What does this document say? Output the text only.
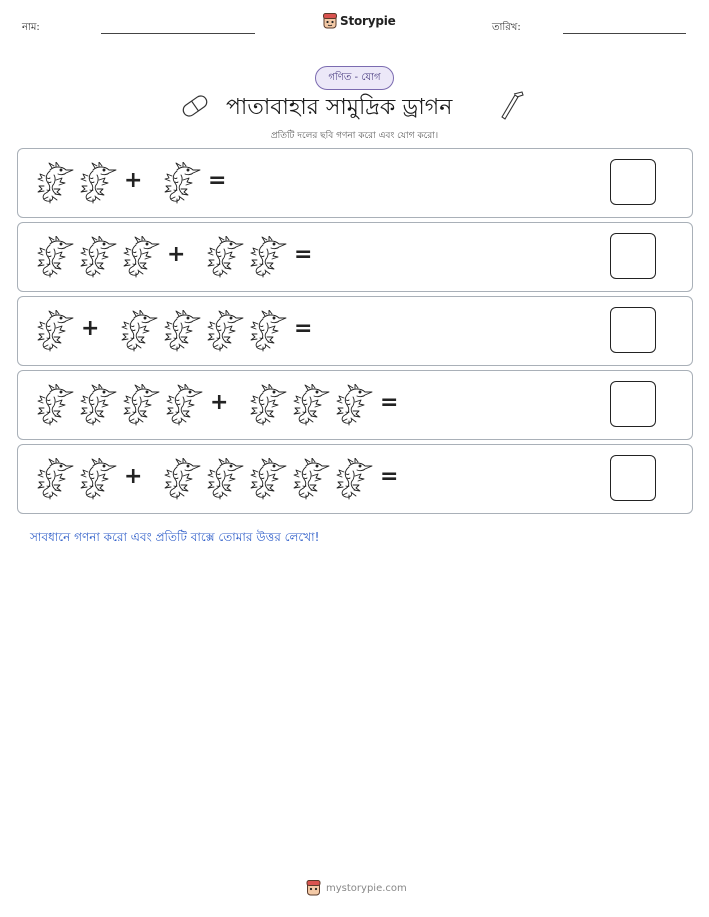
নাম:	Storypie	তারিখ:
গণিত - যোগ
পাতাবাহার সামুদ্রিক ড্রাগন
প্রতিটি দলের ছবি গণনা করো এবং যোগ করো।
+	=
+	=
+	=
+	=
+	=
সাবধানে গণনা করো এবং প্রতিটি বাক্সে তোমার উত্তর লেখো!
mystorypie.com
